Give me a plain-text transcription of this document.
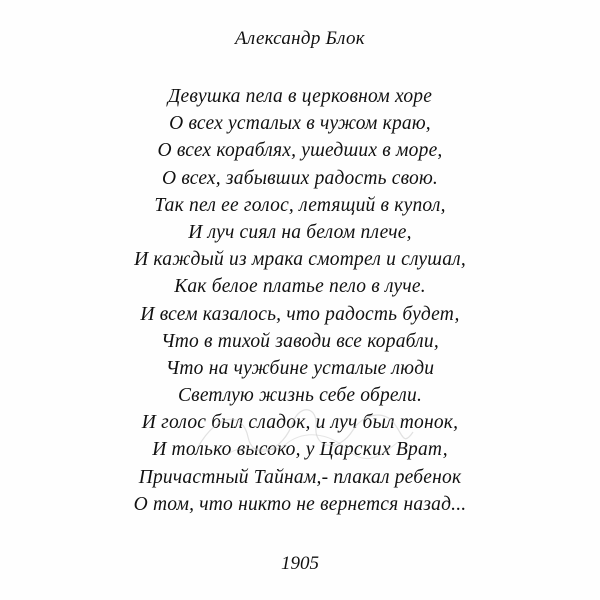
Александр Блок
Девушка пела в церковном хоре
О всех усталых в чужом краю,
О всех кораблях, ушедших в море,
О всех, забывших радость свою.
Так пел ее голос, летящий в купол,
И луч сиял на белом плече,
И каждый из мрака смотрел и слушал,
Как белое платье пело в луче.
И всем казалось, что радость будет,
Что в тихой заводи все корабли,
Что на чужбине усталые люди
Светлую жизнь себе обрели.
И голос был сладок, и луч был тонок,
И только высоко, у Царских Врат,
Причастный Тайнам,- плакал ребенок
О том, что никто не вернется назад...
1905
